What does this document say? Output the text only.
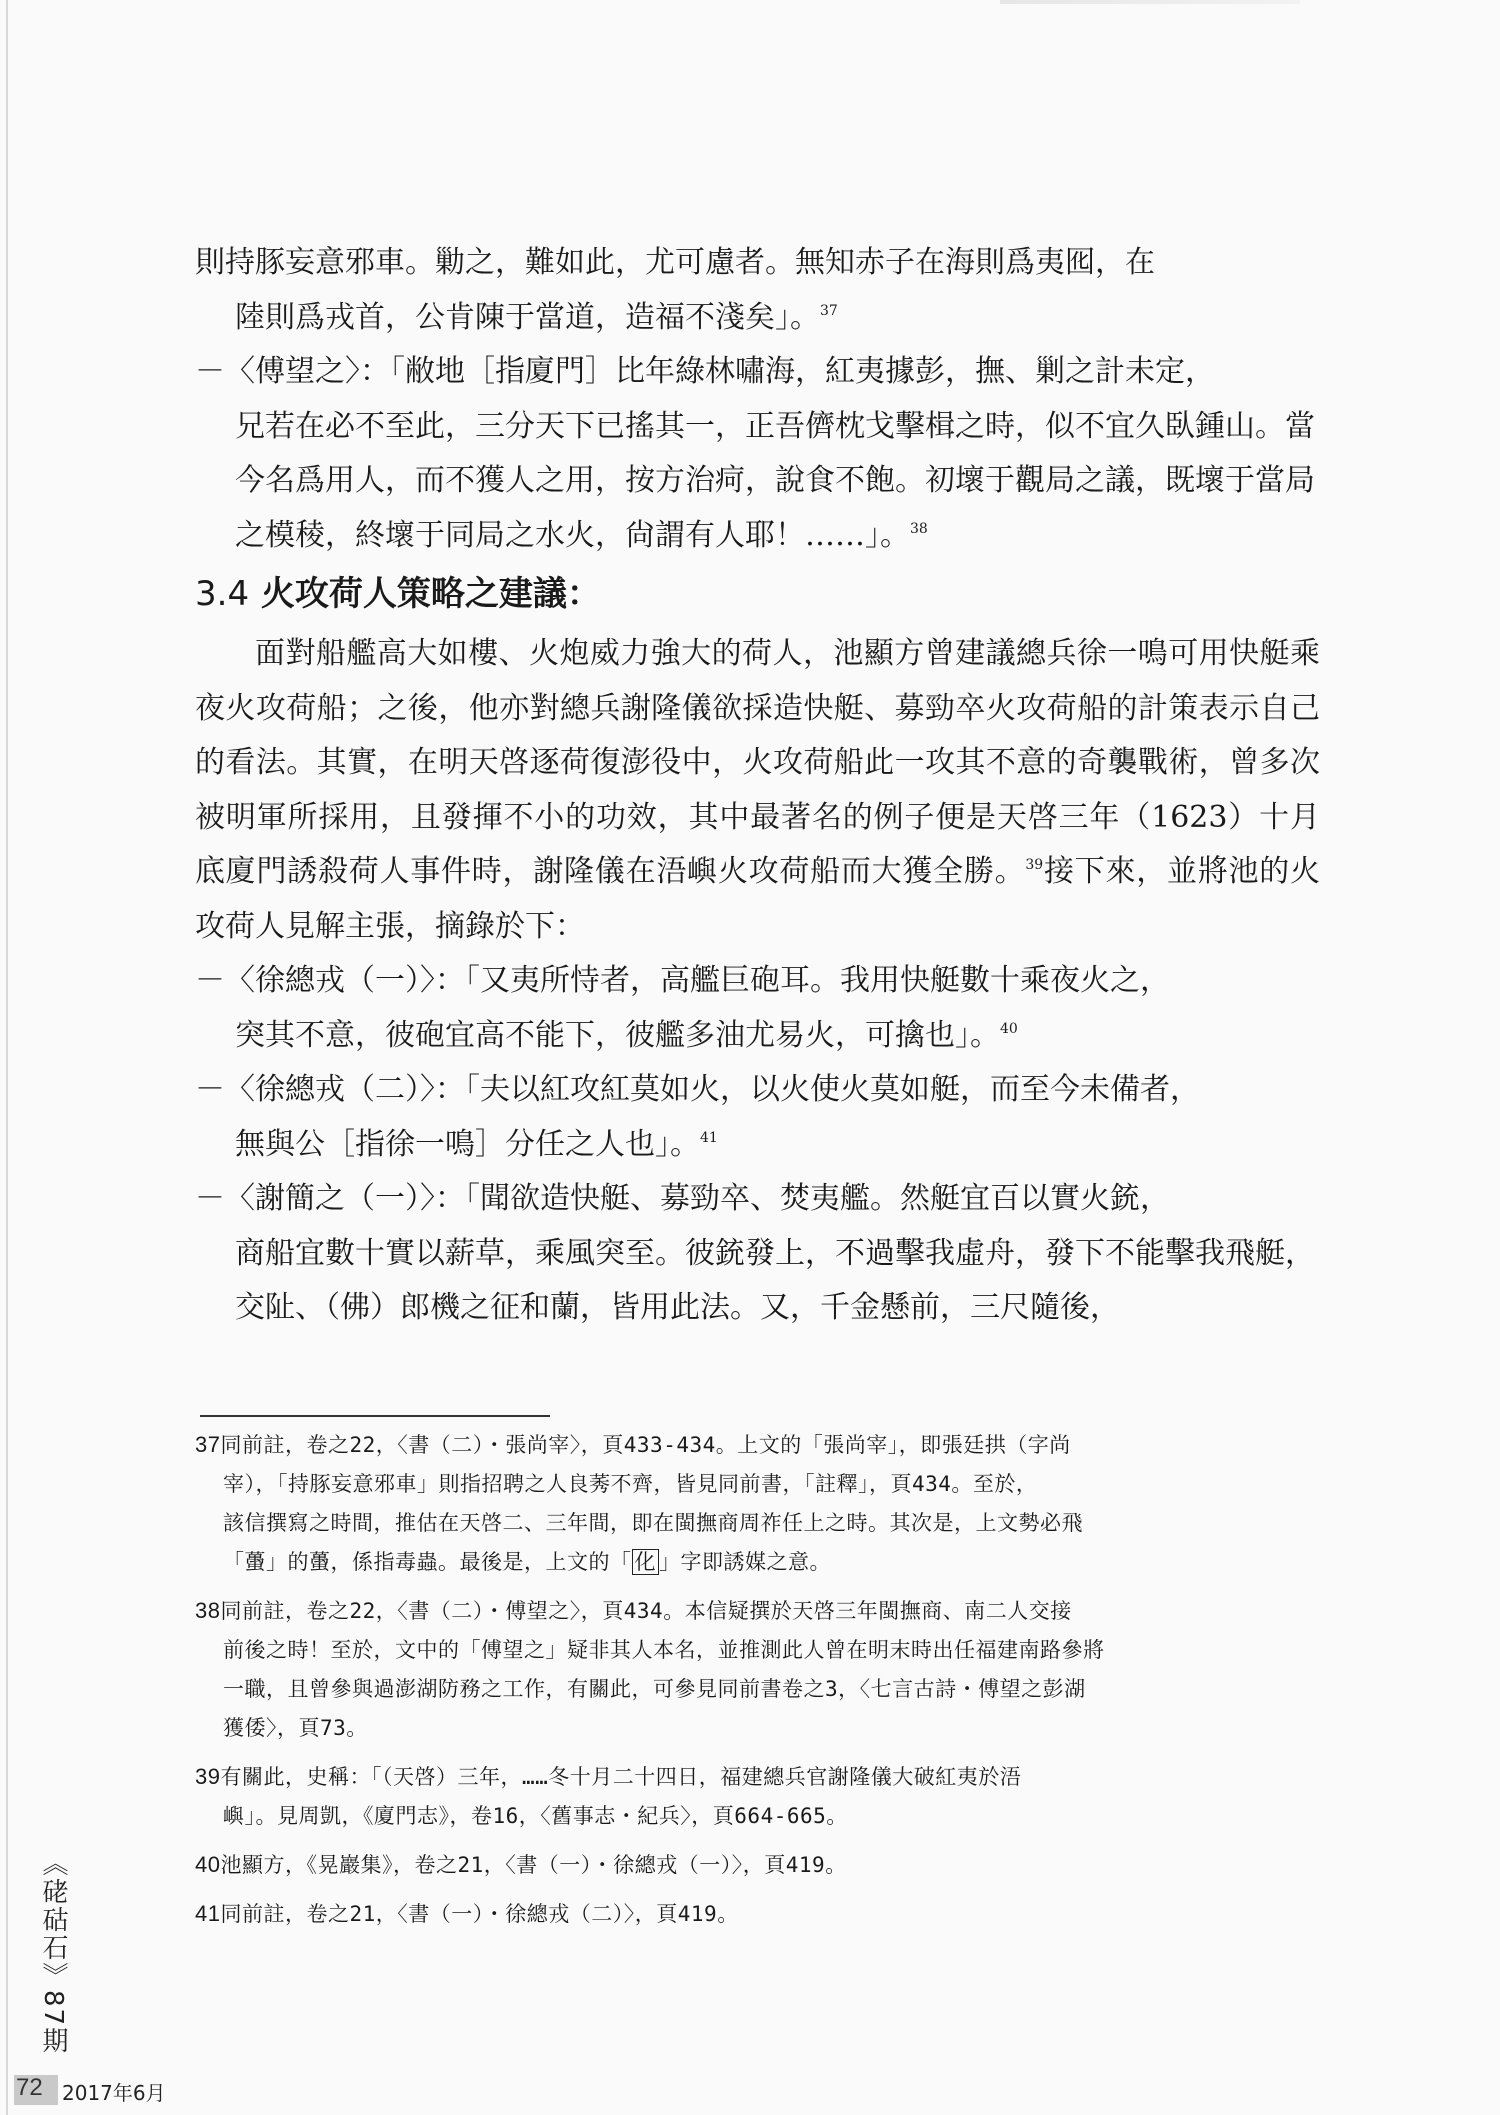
則持豚妄意邪車。勦之，難如此，尤可慮者。無知赤子在海則爲夷囮，在
陸則爲戎首，公肯陳于當道，造福不淺矣」。$^{37}$

－〈傅望之〉：「敝地［指廈門］比年綠林嘯海，紅夷據彭，撫、剿之計未定，
兄若在必不至此，三分天下已搖其一，正吾儕枕戈擊楫之時，似不宜久臥鍾山。當今名爲用人，而不獲人之用，按方治疴，說食不飽。初壞于觀局之議，既壞于當局之模稜，終壞于同局之水火，尙謂有人耶！……」。$^{38}$

3.4 火攻荷人策略之建議：

面對船艦高大如樓、火炮威力強大的荷人，池顯方曾建議總兵徐一鳴可用快艇乘夜火攻荷船；之後，他亦對總兵謝隆儀欲採造快艇、募勁卒火攻荷船的計策表示自己的看法。其實，在明天啓逐荷復澎役中，火攻荷船此一攻其不意的奇襲戰術，曾多次被明軍所採用，且發揮不小的功效，其中最著名的例子便是天啓三年（1623）十月底廈門誘殺荷人事件時，謝隆儀在浯嶼火攻荷船而大獲全勝。$^{39}$接下來，並將池的火攻荷人見解主張，摘錄於下：

－〈徐總戎（一）〉：「又夷所恃者，高艦巨砲耳。我用快艇數十乘夜火之，
突其不意，彼砲宜高不能下，彼艦多油尤易火，可擒也」。$^{40}$

－〈徐總戎（二）〉：「夫以紅攻紅莫如火，以火使火莫如艇，而至今未備者，
無與公［指徐一鳴］分任之人也」。$^{41}$

－〈謝簡之（一）〉：「聞欲造快艇、募勁卒、焚夷艦。然艇宜百以實火銃，
商船宜數十實以薪草，乘風突至。彼銃發上，不過擊我虛舟，發下不能擊我飛艇，交阯、（佛）郎機之征和蘭，皆用此法。又，千金懸前，三尺隨後，

37同前註，卷之22，〈書（二）・張尚宰〉，頁433-434。上文的「張尚宰」，即張廷拱（字尚
宰），「持豚妄意邪車」則指招聘之人良莠不齊，皆見同前書，「註釋」，頁434。至於，
該信撰寫之時間，推估在天啓二、三年間，即在閩撫商周祚任上之時。其次是，上文勢必飛
「蠆」的蠆，係指毒蟲。最後是，上文的「 化 」字即誘媒之意。

38同前註，卷之22，〈書（二）・傅望之〉，頁434。本信疑撰於天啓三年閩撫商、南二人交接
前後之時！至於，文中的「傅望之」疑非其人本名，並推測此人曾在明末時出任福建南路參將
一職，且曾參與過澎湖防務之工作，有關此，可參見同前書卷之3，〈七言古詩・傅望之彭湖
獲倭〉，頁73。

39有關此，史稱：「（天啓）三年，……冬十月二十四日，福建總兵官謝隆儀大破紅夷於浯
嶼」。見周凱，《廈門志》，卷16，〈舊事志・紀兵〉，頁664-665。

40池顯方，《晃巖集》，卷之21，〈書（一）・徐總戎（一）〉，頁419。

41同前註，卷之21，〈書（一）・徐總戎（二）〉，頁419。

《硓𥑮石》87期
72 2017年6月
